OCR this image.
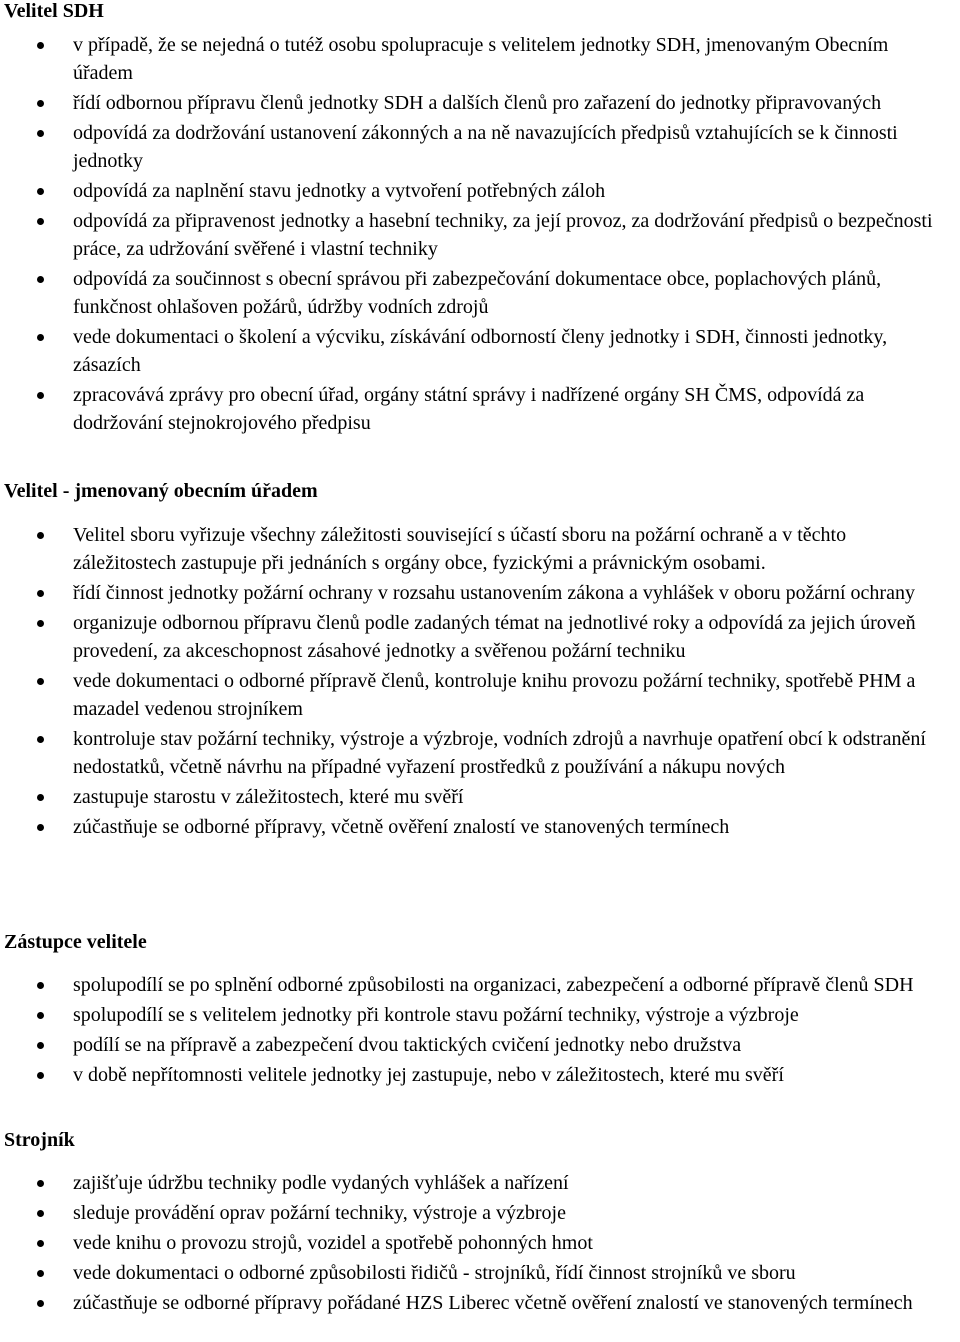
Velitel SDH
v případě, že se nejedná o tutéž osobu spolupracuje s velitelem jednotky SDH, jmenovaným Obecním úřadem
řídí odbornou přípravu členů jednotky SDH a dalších členů pro zařazení do jednotky připravovaných
odpovídá za dodržování ustanovení zákonných a na ně navazujících předpisů vztahujících se k činnosti jednotky
odpovídá za naplnění stavu jednotky a vytvoření potřebných záloh
odpovídá za připravenost jednotky a hasební techniky, za její provoz, za dodržování předpisů o bezpečnosti práce, za udržování svěřené i vlastní techniky
odpovídá za součinnost s obecní správou při zabezpečování dokumentace obce, poplachových plánů, funkčnost ohlašoven požárů, údržby vodních zdrojů
vede dokumentaci o školení a výcviku, získávání odborností členy jednotky i SDH, činnosti jednotky, zásazích
zpracovává zprávy pro obecní úřad, orgány státní správy i nadřízené orgány SH ČMS, odpovídá za dodržování stejnokrojového předpisu
Velitel - jmenovaný obecním úřadem
Velitel sboru vyřizuje všechny záležitosti související s účastí sboru na požární ochraně a v těchto záležitostech zastupuje při jednáních s orgány obce, fyzickými a právnickým osobami.
řídí činnost jednotky požární ochrany v rozsahu ustanovením zákona a vyhlášek v oboru požární ochrany
organizuje odbornou přípravu členů podle zadaných témat na jednotlivé roky a odpovídá za jejich úroveň provedení, za akceschopnost zásahové jednotky a svěřenou požární techniku
vede dokumentaci o odborné přípravě členů, kontroluje knihu provozu požární techniky, spotřebě PHM a mazadel vedenou strojníkem
kontroluje stav požární techniky, výstroje a výzbroje, vodních zdrojů a navrhuje opatření obcí k odstranění nedostatků, včetně návrhu na případné vyřazení prostředků z používání a nákupu nových
zastupuje starostu v záležitostech, které mu svěří
zúčastňuje se odborné přípravy, včetně ověření znalostí ve stanovených termínech
Zástupce velitele
spolupodílí se po splnění odborné způsobilosti na organizaci, zabezpečení a odborné přípravě členů SDH
spolupodílí se s velitelem jednotky při kontrole stavu požární techniky, výstroje a výzbroje
podílí se na přípravě a zabezpečení dvou taktických cvičení jednotky nebo družstva
v době nepřítomnosti velitele jednotky jej zastupuje, nebo v záležitostech, které mu svěří
Strojník
zajišťuje údržbu techniky podle vydaných vyhlášek a nařízení
sleduje provádění oprav požární techniky, výstroje a výzbroje
vede knihu o provozu strojů, vozidel a spotřebě pohonných hmot
vede dokumentaci o odborné způsobilosti řidičů - strojníků, řídí činnost strojníků ve sboru
zúčastňuje se odborné přípravy pořádané HZS Liberec včetně ověření znalostí ve stanovených termínech
